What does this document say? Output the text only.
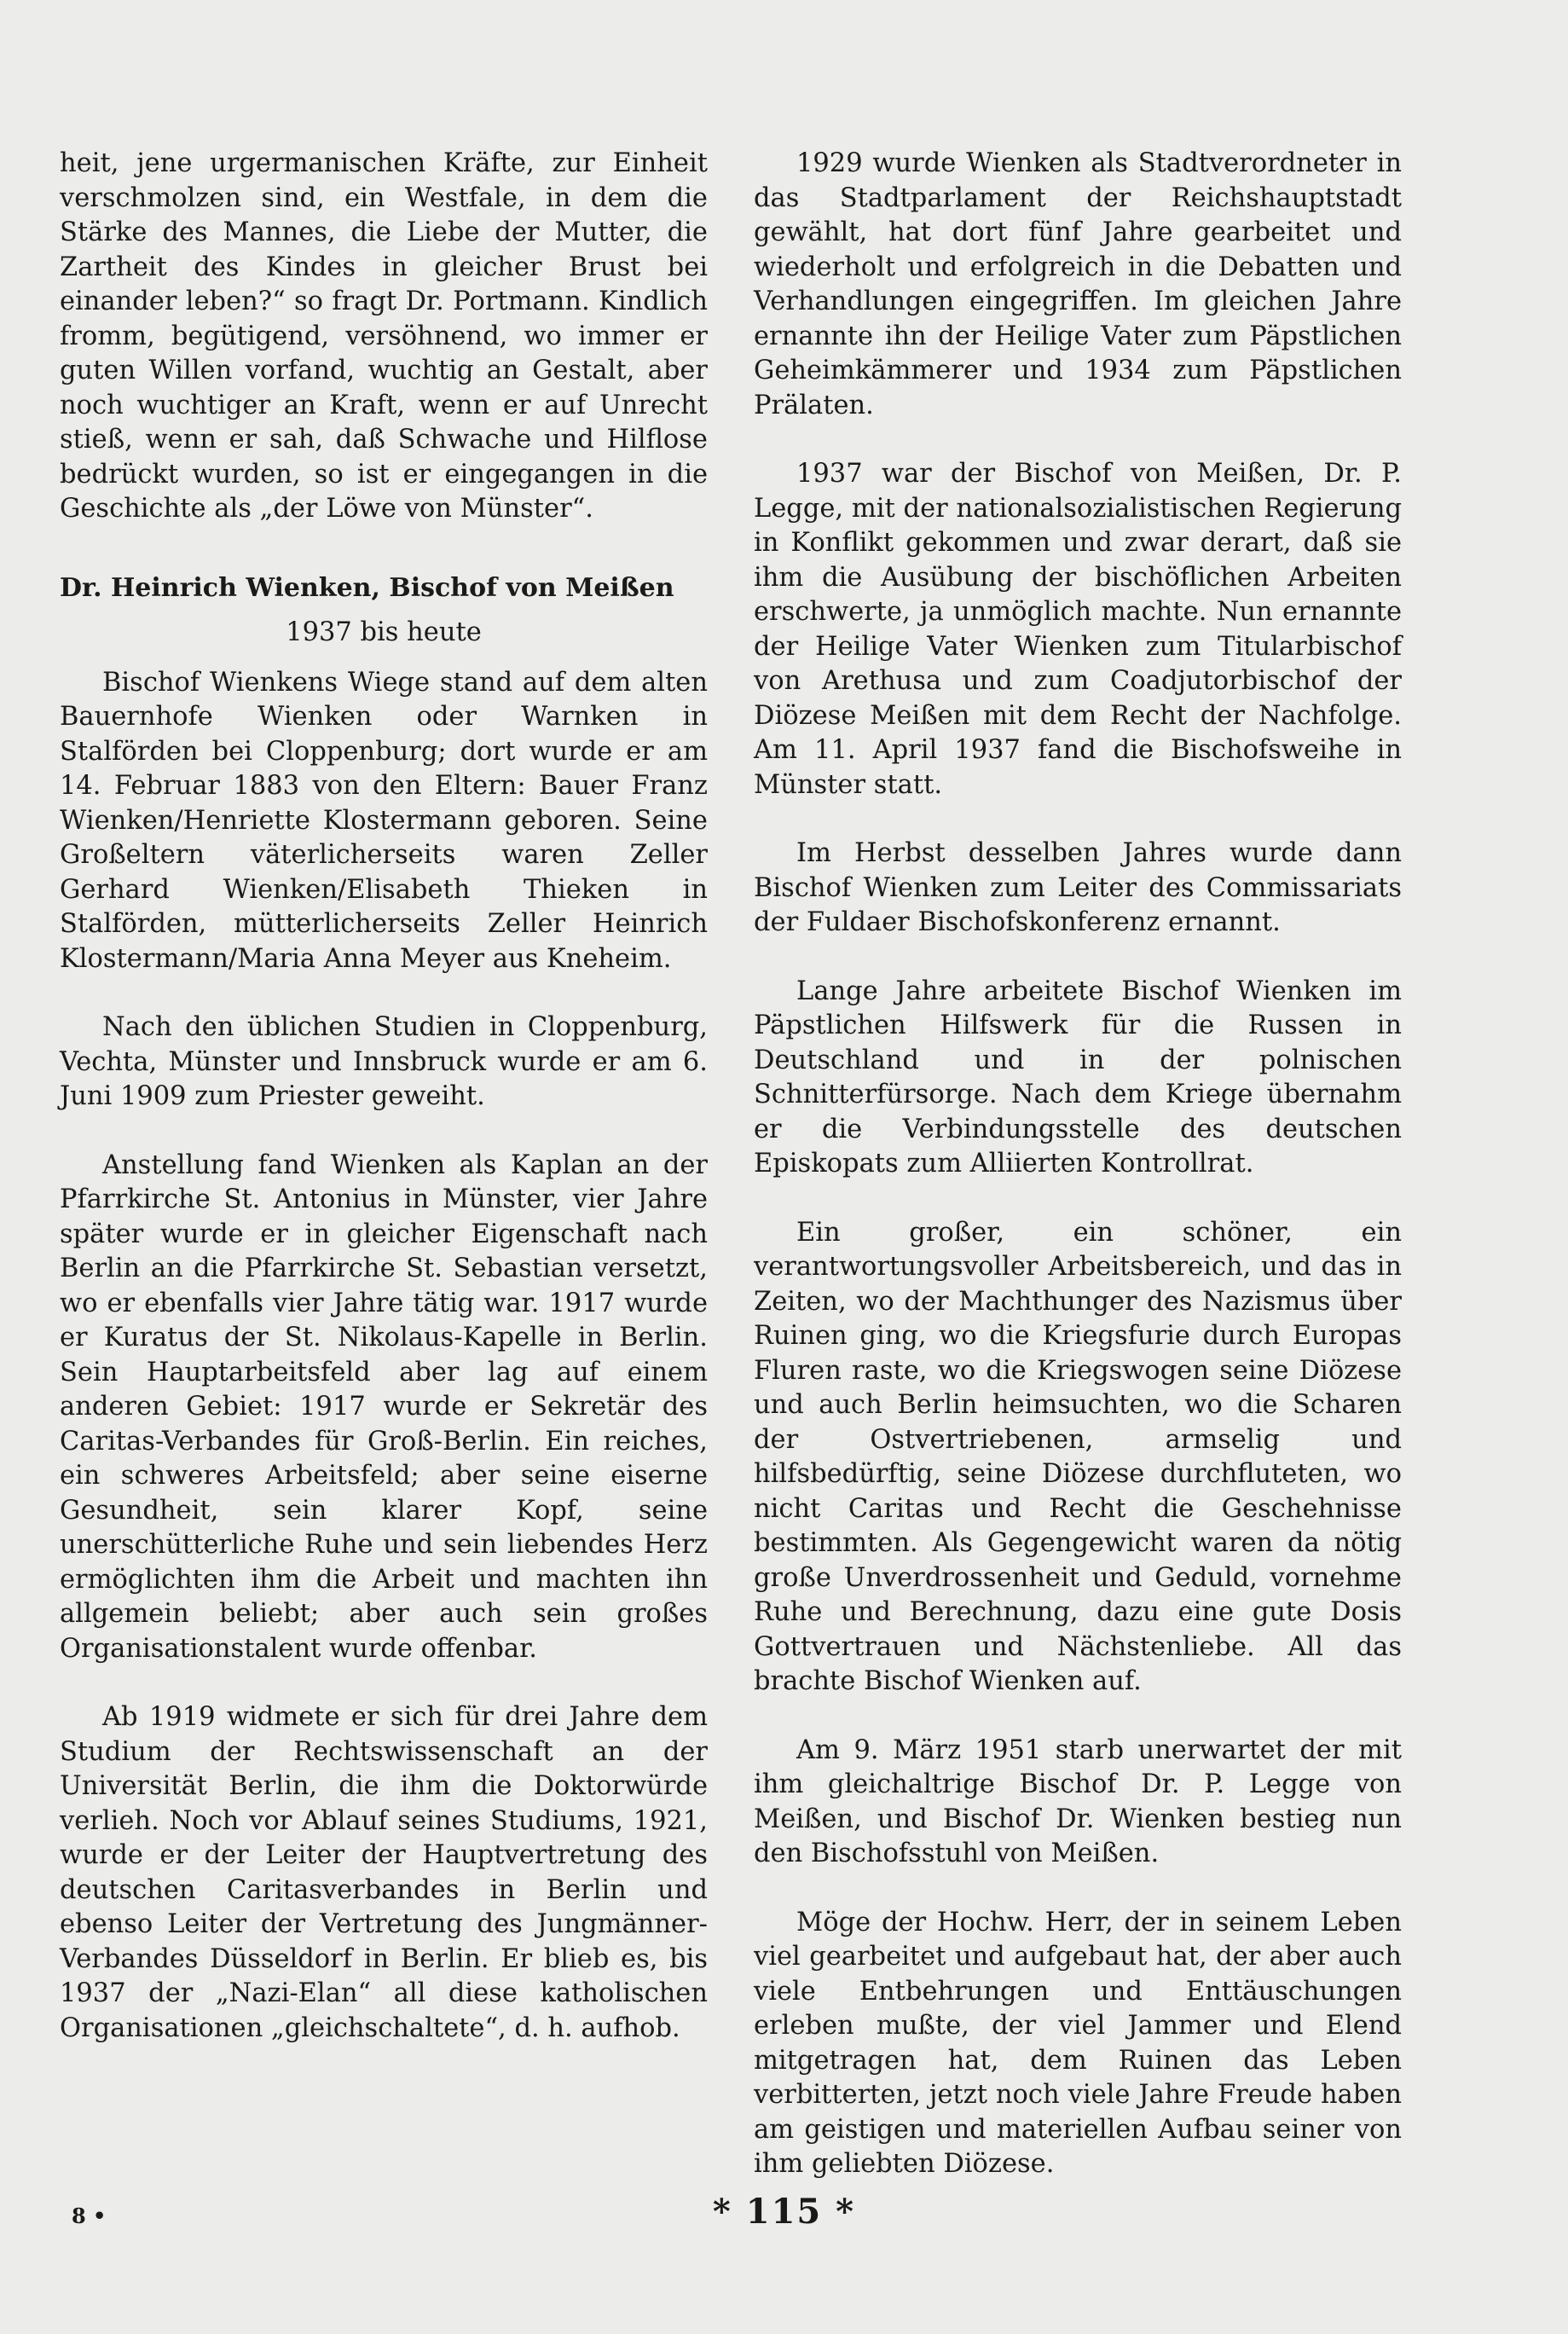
heit, jene urgermanischen Kräfte, zur Einheit verschmolzen sind, ein Westfale, in dem die Stärke des Mannes, die Liebe der Mutter, die Zartheit des Kindes in gleicher Brust bei einander leben?“ so fragt Dr. Portmann. Kindlich fromm, begütigend, versöhnend, wo immer er guten Willen vorfand, wuchtig an Gestalt, aber noch wuchtiger an Kraft, wenn er auf Unrecht stieß, wenn er sah, daß Schwache und Hilflose bedrückt wurden, so ist er eingegangen in die Geschichte als „der Löwe von Münster“.

Dr. Heinrich Wienken, Bischof von Meißen
1937 bis heute

Bischof Wienkens Wiege stand auf dem alten Bauernhofe Wienken oder Warnken in Stalförden bei Cloppenburg; dort wurde er am 14. Februar 1883 von den Eltern: Bauer Franz Wienken/Henriette Klostermann geboren. Seine Großeltern väterlicherseits waren Zeller Gerhard Wienken/Elisabeth Thieken in Stalförden, mütterlicherseits Zeller Heinrich Klostermann/Maria Anna Meyer aus Kneheim.

Nach den üblichen Studien in Cloppenburg, Vechta, Münster und Innsbruck wurde er am 6. Juni 1909 zum Priester geweiht.

Anstellung fand Wienken als Kaplan an der Pfarrkirche St. Antonius in Münster, vier Jahre später wurde er in gleicher Eigenschaft nach Berlin an die Pfarrkirche St. Sebastian versetzt, wo er ebenfalls vier Jahre tätig war. 1917 wurde er Kuratus der St. Nikolaus-Kapelle in Berlin. Sein Hauptarbeitsfeld aber lag auf einem anderen Gebiet: 1917 wurde er Sekretär des Caritas-Verbandes für Groß-Berlin. Ein reiches, ein schweres Arbeitsfeld; aber seine eiserne Gesundheit, sein klarer Kopf, seine unerschütterliche Ruhe und sein liebendes Herz ermöglichten ihm die Arbeit und machten ihn allgemein beliebt; aber auch sein großes Organisationstalent wurde offenbar.

Ab 1919 widmete er sich für drei Jahre dem Studium der Rechtswissenschaft an der Universität Berlin, die ihm die Doktorwürde verlieh. Noch vor Ablauf seines Studiums, 1921, wurde er der Leiter der Hauptvertretung des deutschen Caritasverbandes in Berlin und ebenso Leiter der Vertretung des Jungmänner-Verbandes Düsseldorf in Berlin. Er blieb es, bis 1937 der „Nazi-Elan“ all diese katholischen Organisationen „gleichschaltete“, d. h. aufhob.

1929 wurde Wienken als Stadtverordneter in das Stadtparlament der Reichshauptstadt gewählt, hat dort fünf Jahre gearbeitet und wiederholt und erfolgreich in die Debatten und Verhandlungen eingegriffen. Im gleichen Jahre ernannte ihn der Heilige Vater zum Päpstlichen Geheimkämmerer und 1934 zum Päpstlichen Prälaten.

1937 war der Bischof von Meißen, Dr. P. Legge, mit der nationalsozialistischen Regierung in Konflikt gekommen und zwar derart, daß sie ihm die Ausübung der bischöflichen Arbeiten erschwerte, ja unmöglich machte. Nun ernannte der Heilige Vater Wienken zum Titularbischof von Arethusa und zum Coadjutorbischof der Diözese Meißen mit dem Recht der Nachfolge. Am 11. April 1937 fand die Bischofsweihe in Münster statt.

Im Herbst desselben Jahres wurde dann Bischof Wienken zum Leiter des Commissariats der Fuldaer Bischofskonferenz ernannt.

Lange Jahre arbeitete Bischof Wienken im Päpstlichen Hilfswerk für die Russen in Deutschland und in der polnischen Schnitterfürsorge. Nach dem Kriege übernahm er die Verbindungsstelle des deutschen Episkopats zum Alliierten Kontrollrat.

Ein großer, ein schöner, ein verantwortungsvoller Arbeitsbereich, und das in Zeiten, wo der Machthunger des Nazismus über Ruinen ging, wo die Kriegsfurie durch Europas Fluren raste, wo die Kriegswogen seine Diözese und auch Berlin heimsuchten, wo die Scharen der Ostvertriebenen, armselig und hilfsbedürftig, seine Diözese durchfluteten, wo nicht Caritas und Recht die Geschehnisse bestimmten. Als Gegengewicht waren da nötig große Unverdrossenheit und Geduld, vornehme Ruhe und Berechnung, dazu eine gute Dosis Gottvertrauen und Nächstenliebe. All das brachte Bischof Wienken auf.

Am 9. März 1951 starb unerwartet der mit ihm gleichaltrige Bischof Dr. P. Legge von Meißen, und Bischof Dr. Wienken bestieg nun den Bischofsstuhl von Meißen.

Möge der Hochw. Herr, der in seinem Leben viel gearbeitet und aufgebaut hat, der aber auch viele Entbehrungen und Enttäuschungen erleben mußte, der viel Jammer und Elend mitgetragen hat, dem Ruinen das Leben verbitterten, jetzt noch viele Jahre Freude haben am geistigen und materiellen Aufbau seiner von ihm geliebten Diözese.

8 •	* 115 *
